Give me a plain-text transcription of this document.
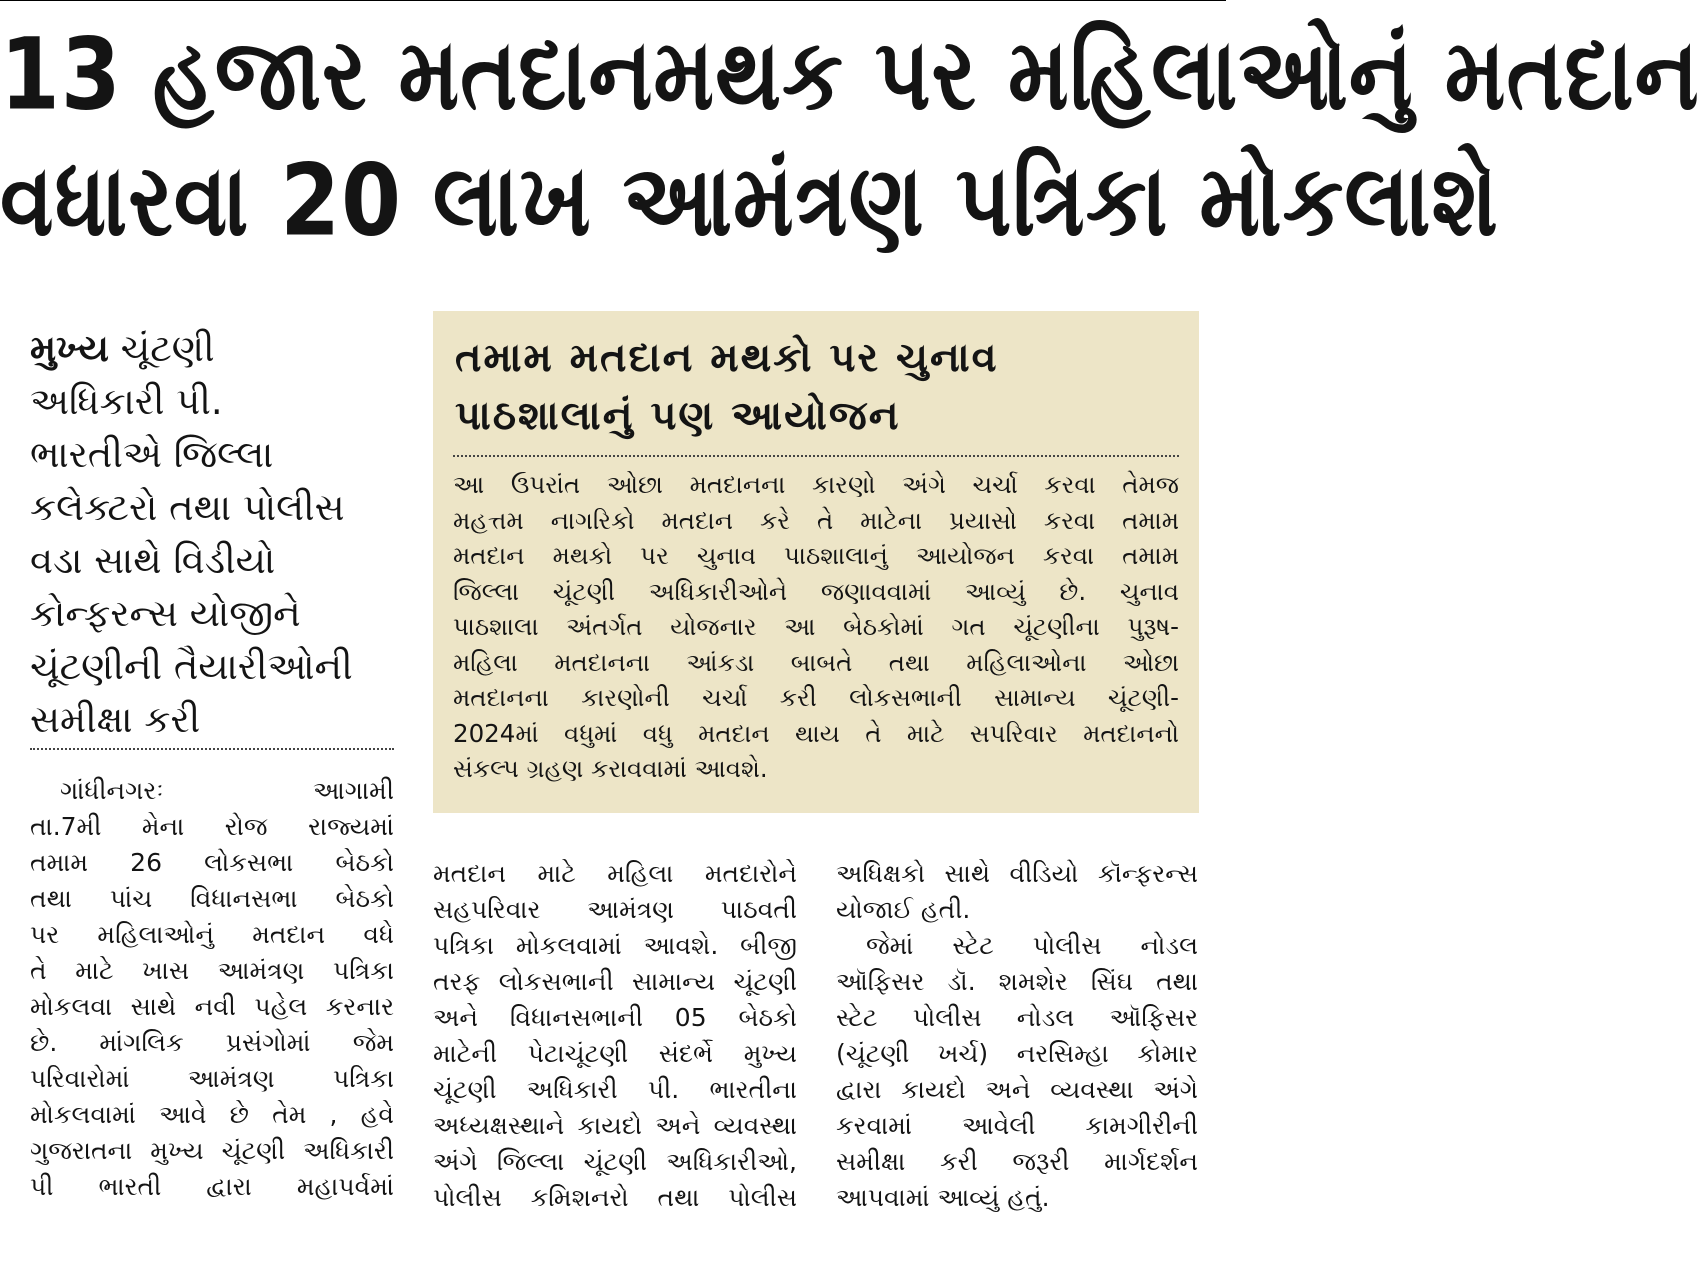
13 હજાર મતદાનમથક પર મહિલાઓનું મતદાન
વધારવા 20 લાખ આમંત્રણ પત્રિકા મોકલાશે
મુખ્ય ચૂંટણી
અધિકારી પી.
ભારતીએ જિલ્લા
કલેક્ટરો તથા પોલીસ
વડા સાથે વિડીયો
કોન્ફરન્સ યોજીને
ચૂંટણીની તૈયારીઓની
સમીક્ષા કરી
તમામ મતદાન મથકો પર ચુનાવ
પાઠશાલાનું પણ આયોજન
આ ઉપરાંત ઓછા મતદાનના કારણો અંગે ચર્ચા કરવા તેમજ
મહત્તમ નાગરિકો મતદાન કરે તે માટેના પ્રયાસો કરવા તમામ
મતદાન મથકો પર ચુનાવ પાઠશાલાનું આયોજન કરવા તમામ
જિલ્લા ચૂંટણી અધિકારીઓને જણાવવામાં આવ્યું છે. ચુનાવ
પાઠશાલા અંતર્ગત યોજનાર આ બેઠકોમાં ગત ચૂંટણીના પુરૂષ-
મહિલા મતદાનના આંકડા બાબતે તથા મહિલાઓના ઓછા
મતદાનના કારણોની ચર્ચા કરી લોકસભાની સામાન્ય ચૂંટણી-
2024માં વધુમાં વધુ મતદાન થાય તે માટે સપરિવાર મતદાનનો
સંકલ્પ ગ્રહણ કરાવવામાં આવશે.
ગાંધીનગરઃ આગામી
તા.7મી મેના રોજ રાજ્યમાં
તમામ 26 લોકસભા બેઠકો
તથા પાંચ વિધાનસભા બેઠકો
પર મહિલાઓનું મતદાન વધે
તે માટે ખાસ આમંત્રણ પત્રિકા
મોકલવા સાથે નવી પહેલ કરનાર
છે. માંગલિક પ્રસંગોમાં જેમ
પરિવારોમાં આમંત્રણ પત્રિકા
મોકલવામાં આવે છે તેમ , હવે
ગુજરાતના મુખ્ય ચૂંટણી અધિકારી
પી ભારતી દ્વારા મહાપર્વમાં
મતદાન માટે મહિલા મતદારોને
સહપરિવાર આમંત્રણ પાઠવતી
પત્રિકા મોકલવામાં આવશે. બીજી
તરફ લોકસભાની સામાન્ય ચૂંટણી
અને વિધાનસભાની 05 બેઠકો
માટેની પેટાચૂંટણી સંદર્ભે મુખ્ય
ચૂંટણી અધિકારી પી. ભારતીના
અધ્યક્ષસ્થાને કાયદો અને વ્યવસ્થા
અંગે જિલ્લા ચૂંટણી અધિકારીઓ,
પોલીસ કમિશનરો તથા પોલીસ
અધિક્ષકો સાથે વીડિયો કૉન્ફરન્સ
યોજાઈ હતી.
જેમાં સ્ટેટ પોલીસ નોડલ
ઑફિસર ડૉ. શમશેર સિંઘ તથા
સ્ટેટ પોલીસ નોડલ ઑફિસર
(ચૂંટણી ખર્ચ) નરસિમ્હા કોમાર
દ્વારા કાયદો અને વ્યવસ્થા અંગે
કરવામાં આવેલી કામગીરીની
સમીક્ષા કરી જરૂરી માર્ગદર્શન
આપવામાં આવ્યું હતું.
